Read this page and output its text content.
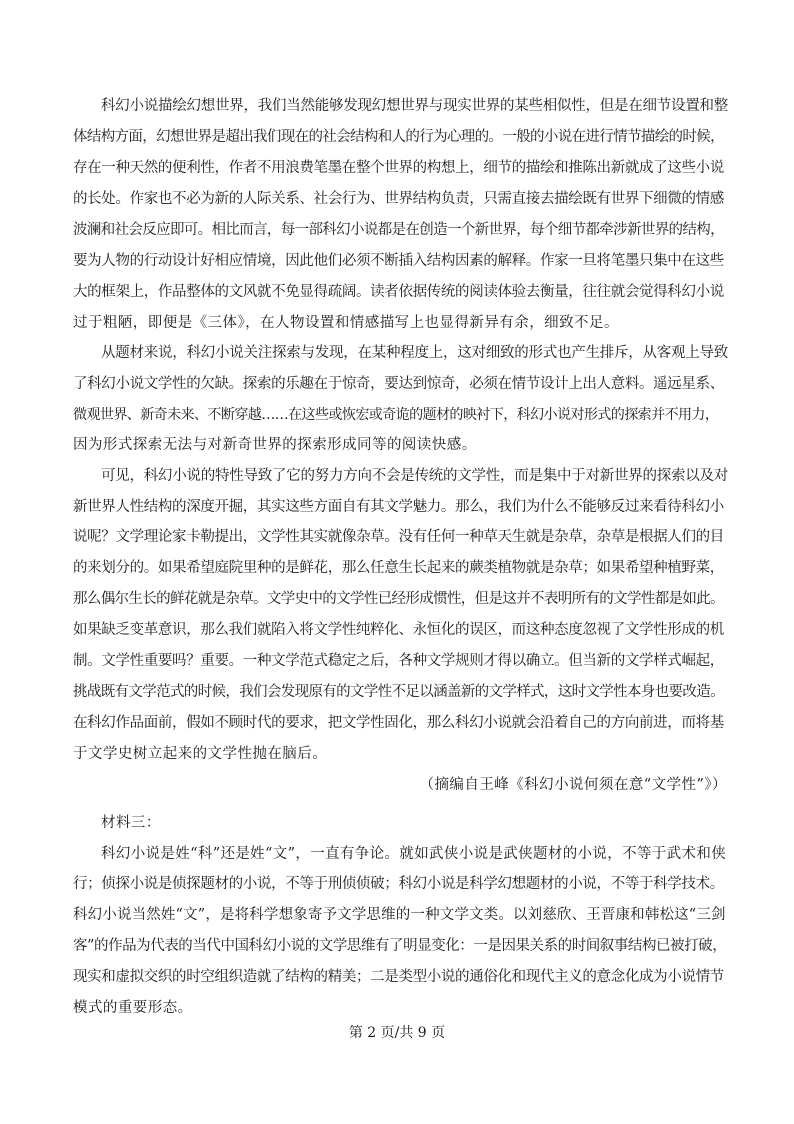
科幻小说描绘幻想世界，我们当然能够发现幻想世界与现实世界的某些相似性，但是在细节设置和整
体结构方面，幻想世界是超出我们现在的社会结构和人的行为心理的。一般的小说在进行情节描绘的时候，
存在一种天然的便利性，作者不用浪费笔墨在整个世界的构想上，细节的描绘和推陈出新就成了这些小说
的长处。作家也不必为新的人际关系、社会行为、世界结构负责，只需直接去描绘既有世界下细微的情感
波澜和社会反应即可。相比而言，每一部科幻小说都是在创造一个新世界，每个细节都牵涉新世界的结构，
要为人物的行动设计好相应情境，因此他们必须不断插入结构因素的解释。作家一旦将笔墨只集中在这些
大的框架上，作品整体的文风就不免显得疏阔。读者依据传统的阅读体验去衡量，往往就会觉得科幻小说
过于粗陋，即便是《三体》，在人物设置和情感描写上也显得新异有余，细致不足。
从题材来说，科幻小说关注探索与发现，在某种程度上，这对细致的形式也产生排斥，从客观上导致
了科幻小说文学性的欠缺。探索的乐趣在于惊奇，要达到惊奇，必须在情节设计上出人意料。遥远星系、
微观世界、新奇未来、不断穿越……在这些或恢宏或奇诡的题材的映衬下，科幻小说对形式的探索并不用力，
因为形式探索无法与对新奇世界的探索形成同等的阅读快感。
可见，科幻小说的特性导致了它的努力方向不会是传统的文学性，而是集中于对新世界的探索以及对
新世界人性结构的深度开掘，其实这些方面自有其文学魅力。那么，我们为什么不能够反过来看待科幻小
说呢？文学理论家卡勒提出，文学性其实就像杂草。没有任何一种草天生就是杂草，杂草是根据人们的目
的来划分的。如果希望庭院里种的是鲜花，那么任意生长起来的蕨类植物就是杂草；如果希望种植野菜，
那么偶尔生长的鲜花就是杂草。文学史中的文学性已经形成惯性，但是这并不表明所有的文学性都是如此。
如果缺乏变革意识，那么我们就陷入将文学性纯粹化、永恒化的误区，而这种态度忽视了文学性形成的机
制。文学性重要吗？重要。一种文学范式稳定之后，各种文学规则才得以确立。但当新的文学样式崛起，
挑战既有文学范式的时候，我们会发现原有的文学性不足以涵盖新的文学样式，这时文学性本身也要改造。
在科幻作品面前，假如不顾时代的要求，把文学性固化，那么科幻小说就会沿着自己的方向前进，而将基
于文学史树立起来的文学性抛在脑后。
（摘编自王峰《科幻小说何须在意“文学性”》）
材料三：
科幻小说是姓“科”还是姓“文”，一直有争论。就如武侠小说是武侠题材的小说，不等于武术和侠
行；侦探小说是侦探题材的小说，不等于刑侦侦破；科幻小说是科学幻想题材的小说，不等于科学技术。
科幻小说当然姓“文”，是将科学想象寄予文学思维的一种文学文类。以刘慈欣、王晋康和韩松这“三剑
客”的作品为代表的当代中国科幻小说的文学思维有了明显变化：一是因果关系的时间叙事结构已被打破，
现实和虚拟交织的时空组织造就了结构的精美；二是类型小说的通俗化和现代主义的意念化成为小说情节
模式的重要形态。
第 2 页/共 9 页
